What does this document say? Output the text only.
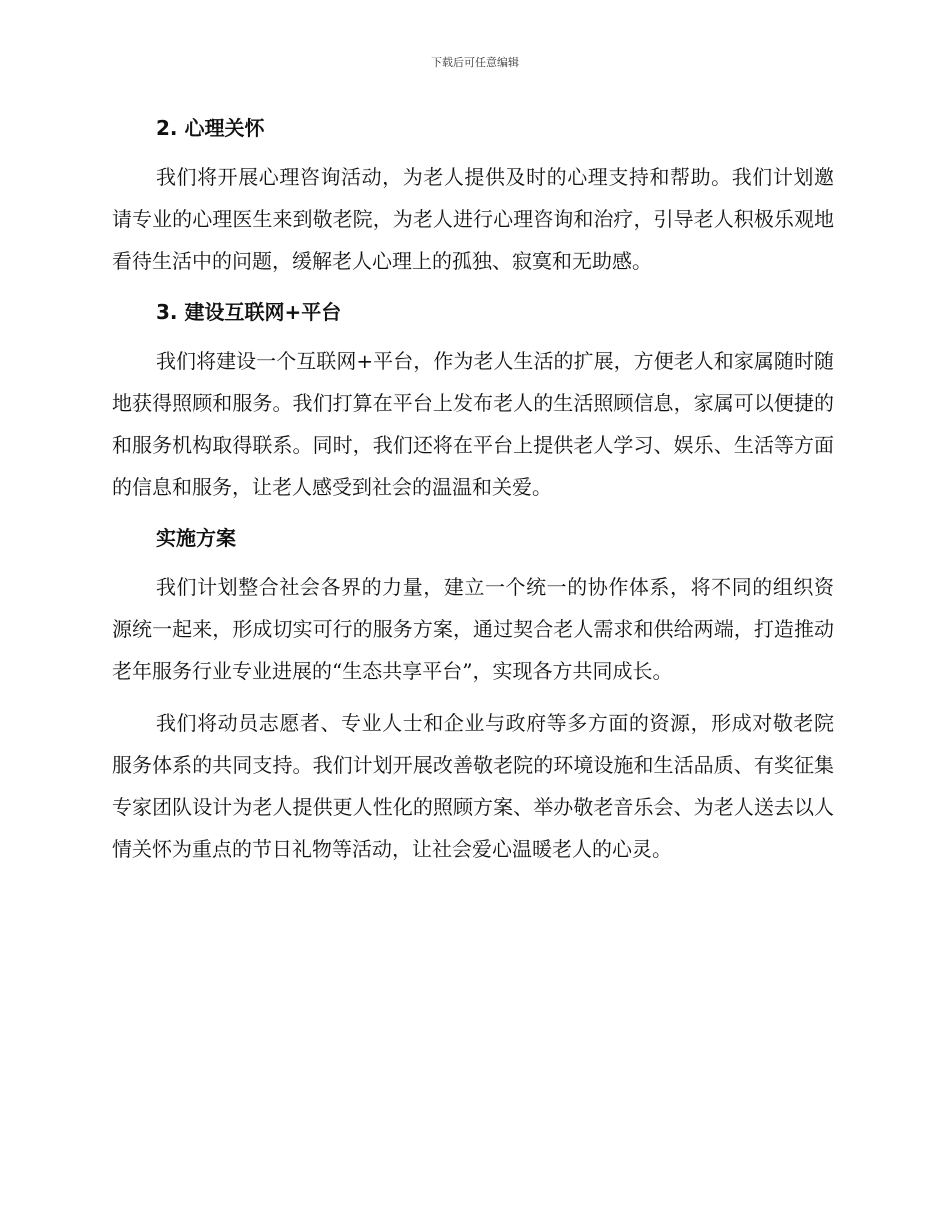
下载后可任意编辑
2. 心理关怀

我们将开展心理咨询活动，为老人提供及时的心理支持和帮助。我们计划邀请专业的心理医生来到敬老院，为老人进行心理咨询和治疗，引导老人积极乐观地看待生活中的问题，缓解老人心理上的孤独、寂寞和无助感。

3. 建设互联网+平台

我们将建设一个互联网+平台，作为老人生活的扩展，方便老人和家属随时随地获得照顾和服务。我们打算在平台上发布老人的生活照顾信息，家属可以便捷的和服务机构取得联系。同时，我们还将在平台上提供老人学习、娱乐、生活等方面的信息和服务，让老人感受到社会的温温和关爱。

实施方案

我们计划整合社会各界的力量，建立一个统一的协作体系，将不同的组织资源统一起来，形成切实可行的服务方案，通过契合老人需求和供给两端，打造推动老年服务行业专业进展的“生态共享平台”，实现各方共同成长。

我们将动员志愿者、专业人士和企业与政府等多方面的资源，形成对敬老院服务体系的共同支持。我们计划开展改善敬老院的环境设施和生活品质、有奖征集专家团队设计为老人提供更人性化的照顾方案、举办敬老音乐会、为老人送去以人情关怀为重点的节日礼物等活动，让社会爱心温暖老人的心灵。
